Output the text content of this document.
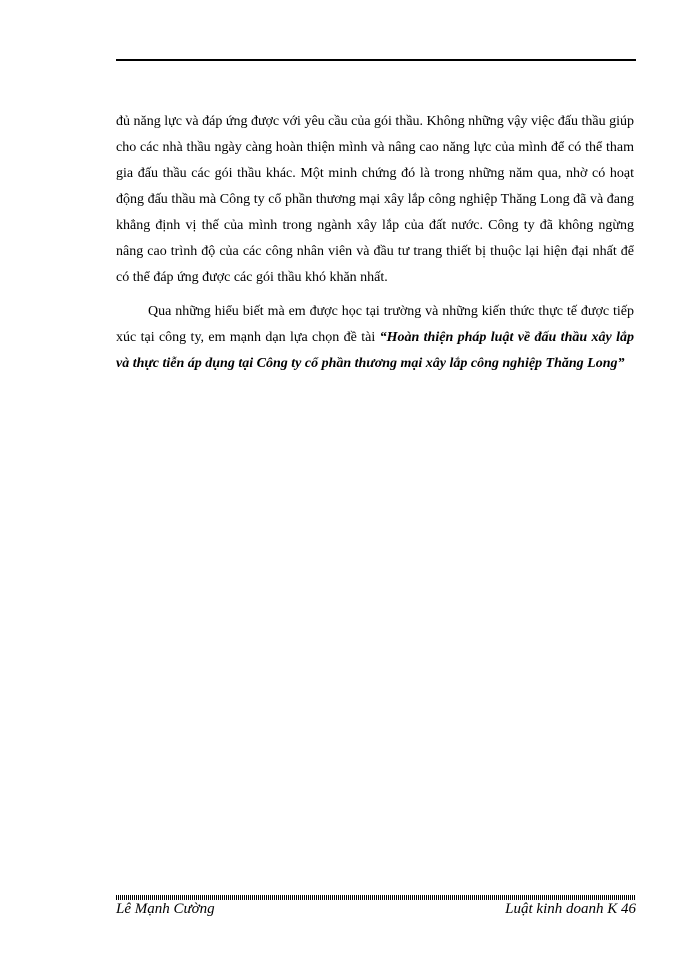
đủ năng lực và đáp ứng được với yêu cầu của gói thầu. Không những vậy việc đấu thầu giúp cho các nhà thầu ngày càng hoàn thiện mình và nâng cao năng lực của mình để có thể tham gia đấu thầu các gói thầu khác. Một minh chứng đó là trong những năm qua, nhờ có hoạt động đấu thầu mà Công ty cổ phần thương mại xây lắp công nghiệp Thăng Long đã và đang khẳng định vị thế của mình trong ngành xây lắp của đất nước. Công ty đã không ngừng nâng cao trình độ của các công nhân viên và đầu tư trang thiết bị thuộc lại hiện đại nhất để có thể đáp ứng được các gói thầu khó khăn nhất.

Qua những hiểu biết mà em được học tại trường và những kiến thức thực tế được tiếp xúc tại công ty, em mạnh dạn lựa chọn đề tài “Hoàn thiện pháp luật về đấu thầu xây lắp và thực tiễn áp dụng tại Công ty cổ phần thương mại xây lắp công nghiệp Thăng Long”

Lê Mạnh Cường	Luật kinh doanh K 46
